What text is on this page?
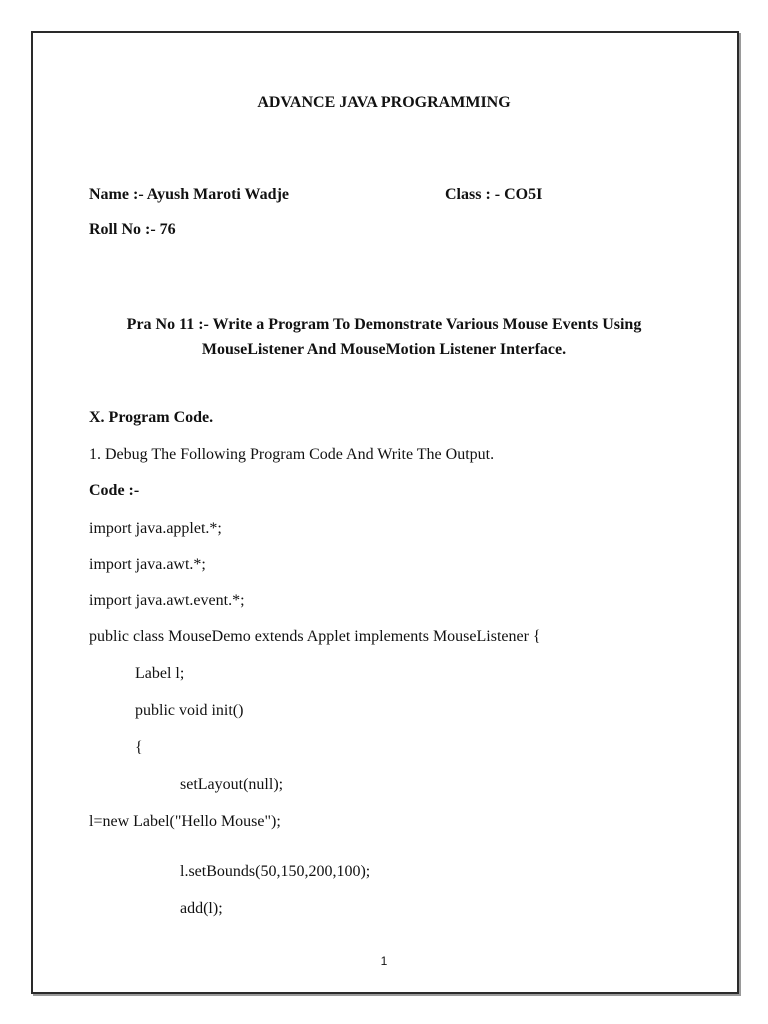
ADVANCE JAVA PROGRAMMING
Name :- Ayush Maroti Wadje	Class : - CO5I
Roll No :- 76
Pra No 11 :- Write a Program To Demonstrate Various Mouse Events Using
MouseListener And MouseMotion Listener Interface.
X. Program Code.
1. Debug The Following Program Code And Write The Output.
Code :-
import java.applet.*;
import java.awt.*;
import java.awt.event.*;
public class MouseDemo extends Applet implements MouseListener {
Label l;
public void init()
{
setLayout(null);
l=new Label("Hello Mouse");
l.setBounds(50,150,200,100);
add(l);
1
